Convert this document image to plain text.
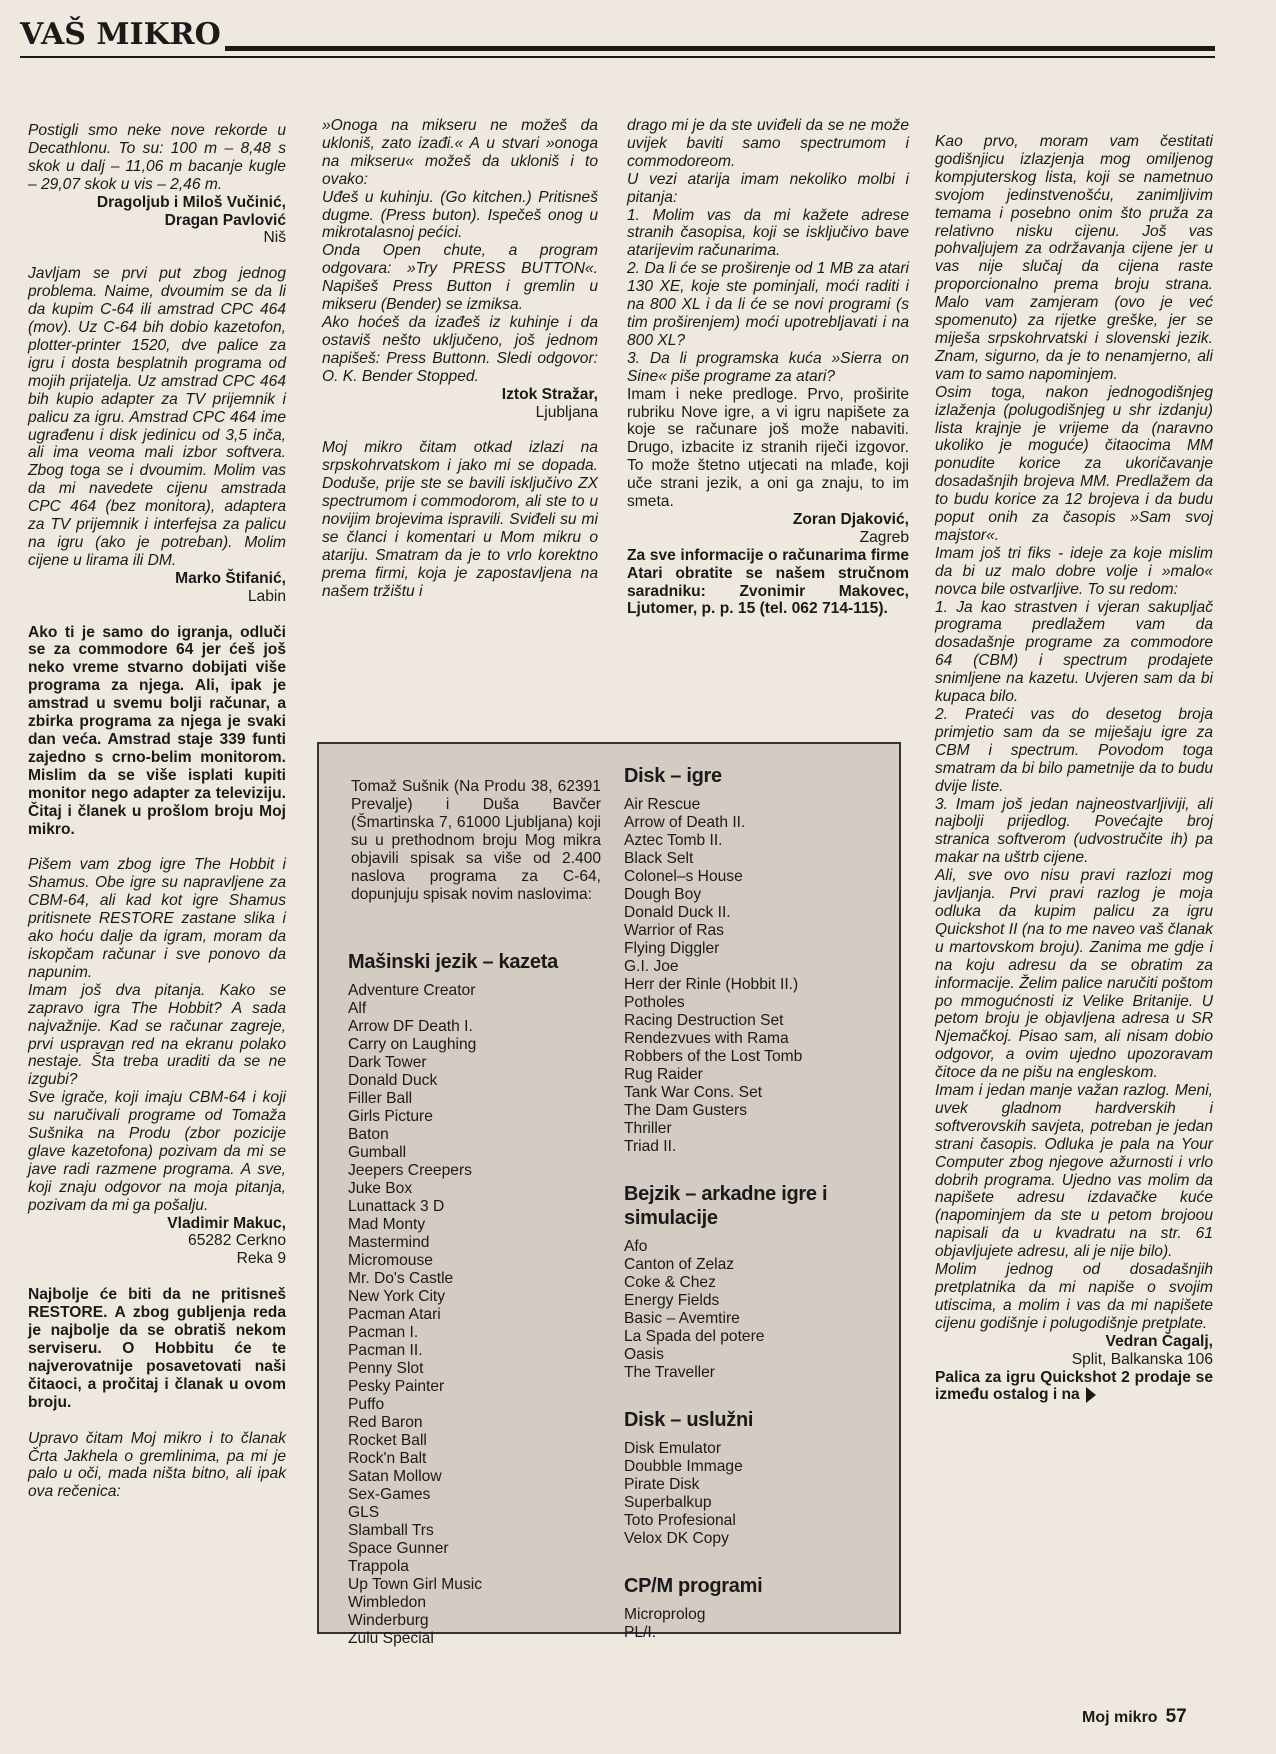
VAŠ MIKRO

Postigli smo neke nove rekorde u Decathlonu. To su: 100 m – 8,48 s skok u dalj – 11,06 m bacanje kugle – 29,07 skok u vis – 2,46 m.

Dragoljub i Miloš Vučinić,
Dragan Pavlović
Niš

Javljam se prvi put zbog jednog problema. Naime, dvoumim se da li da kupim C-64 ili amstrad CPC 464 (mov). Uz C-64 bih dobio kazetofon, plotter-printer 1520, dve palice za igru i dosta besplatnih programa od mojih prijatelja. Uz amstrad CPC 464 bih kupio adapter za TV prijemnik i palicu za igru. Amstrad CPC 464 ime ugrađenu i disk jedinicu od 3,5 inča, ali ima veoma mali izbor softvera. Zbog toga se i dvoumim. Molim vas da mi navedete cijenu amstrada CPC 464 (bez monitora), adaptera za TV prijemnik i interfejsa za palicu na igru (ako je potreban). Molim cijene u lirama ili DM.

Marko Štifanić,
Labin

Ako ti je samo do igranja, odluči se za commodore 64 jer ćeš još neko vreme stvarno dobijati više programa za njega. Ali, ipak je amstrad u svemu bolji računar, a zbirka programa za njega je svaki dan veća. Amstrad staje 339 funti zajedno s crno-belim monitorom. Mislim da se više isplati kupiti monitor nego adapter za televiziju. Čitaj i članek u prošlom broju Moj mikro.

Pišem vam zbog igre The Hobbit i Shamus. Obe igre su napravljene za CBM-64, ali kad kot igre Shamus pritisnete RESTORE zastane slika i ako hoću dalje da igram, moram da iskopčam računar i sve ponovo da napunim.

Imam još dva pitanja. Kako se zapravo igra The Hobbit? A sada najvažnije. Kad se računar zagreje, prvi usprava̲n red na ekranu polako nestaje. Šta treba uraditi da se ne izgubi?

Sve igrače, koji imaju CBM-64 i koji su naručivali programe od Tomaža Sušnika na Produ (zbor pozicije glave kazetofona) pozivam da mi se jave radi razmene programa. A sve, koji znaju odgovor na moja pitanja, pozivam da mi ga pošalju.

Vladimir Makuc,
65282 Cerkno
Reka 9

Najbolje će biti da ne pritisneš RESTORE. A zbog gubljenja reda je najbolje da se obratiš nekom serviseru. O Hobbitu će te najverovatnije posavetovati naši čitaoci, a pročitaj i članak u ovom broju.

Upravo čitam Moj mikro i to članak Črta Jakhela o gremlinima, pa mi je palo u oči, mada ništa bitno, ali ipak ova rečenica:

»Onoga na mikseru ne možeš da ukloniš, zato izađi.« A u stvari »onoga na mikseru« možeš da ukloniš i to ovako:

Uđeš u kuhinju. (Go kitchen.) Pritisneš dugme. (Press buton). Ispečeš onog u mikrotalasnoj pećici.

Onda Open chute, a program odgovara: »Try PRESS BUTTON«. Napišeš Press Button i gremlin u mikseru (Bender) se izmiksa.

Ako hoćeš da izađeš iz kuhinje i da ostaviš nešto uključeno, još jednom napišeš: Press Buttonn. Sledi odgovor: O. K. Bender Stopped.

Iztok Stražar,
Ljubljana

Moj mikro čitam otkad izlazi na srpskohrvatskom i jako mi se dopada. Doduše, prije ste se bavili isključivo ZX spectrumom i commodorom, ali ste to u novijim brojevima ispravili. Sviđeli su mi se članci i komentari u Mom mikru o atariju. Smatram da je to vrlo korektno prema firmi, koja je zapostavljena na našem tržištu i

drago mi je da ste uviđeli da se ne može uvijek baviti samo spectrumom i commodoreom.

U vezi atarija imam nekoliko molbi i pitanja:

1. Molim vas da mi kažete adrese stranih časopisa, koji se isključivo bave atarijevim računarima.

2. Da li će se proširenje od 1 MB za atari 130 XE, koje ste pominjali, moći raditi i na 800 XL i da li će se novi programi (s tim proširenjem) moći upotrebljavati i na 800 XL?

3. Da li programska kuća »Sierra on Sine« piše programe za atari?

Imam i neke predloge. Prvo, proširite rubriku Nove igre, a vi igru napišete za koje se računare još može nabaviti. Drugo, izbacite iz stranih riječi izgovor. To može štetno utjecati na mlađe, koji uče strani jezik, a oni ga znaju, to im smeta.

Zoran Djaković,
Zagreb

Za sve informacije o računarima firme Atari obratite se našem stručnom saradniku: Zvonimir Makovec, Ljutomer, p. p. 15 (tel. 062 714-115).

Tomaž Sušnik (Na Produ 38, 62391 Prevalje) i Duša Bavčer (Šmartinska 7, 61000 Ljubljana) koji su u prethodnom broju Mog mikra objavili spisak sa više od 2.400 naslova programa za C-64, dopunjuju spisak novim naslovima:

Mašinski jezik – kazeta
Adventure Creator
Alf
Arrow DF Death I.
Carry on Laughing
Dark Tower
Donald Duck
Filler Ball
Girls Picture
Baton
Gumball
Jeepers Creepers
Juke Box
Lunattack 3 D
Mad Monty
Mastermind
Micromouse
Mr. Do's Castle
New York City
Pacman Atari
Pacman I.
Pacman II.
Penny Slot
Pesky Painter
Puffo
Red Baron
Rocket Ball
Rock'n Balt
Satan Mollow
Sex-Games
GLS
Slamball Trs
Space Gunner
Trappola
Up Town Girl Music
Wimbledon
Winderburg
Zulu Special
Disk – igre
Air Rescue
Arrow of Death II.
Aztec Tomb II.
Black Selt
Colonel–s House
Dough Boy
Donald Duck II.
Warrior of Ras
Flying Diggler
G.I. Joe
Herr der Rinle (Hobbit II.)
Potholes
Racing Destruction Set
Rendezvues with Rama
Robbers of the Lost Tomb
Rug Raider
Tank War Cons. Set
The Dam Gusters
Thriller
Triad II.
Bejzik – arkadne igre i simulacije
Afo
Canton of Zelaz
Coke & Chez
Energy Fields
Basic – Avemtire
La Spada del potere
Oasis
The Traveller
Disk – uslužni
Disk Emulator
Doubble Immage
Pirate Disk
Superbalkup
Toto Profesional
Velox DK Copy
CP/M programi
Microprolog
PL/I.

Kao prvo, moram vam čestitati godišnjicu izlazjenja mog omiljenog kompjuterskog lista, koji se nametnuo svojom jedinstvenošću, zanimljivim temama i posebno onim što pruža za relativno nisku cijenu. Još vas pohvaljujem za održavanja cijene jer u vas nije slučaj da cijena raste proporcionalno prema broju strana. Malo vam zamjeram (ovo je već spomenuto) za rijetke greške, jer se miješa srpskohrvatski i slovenski jezik. Znam, sigurno, da je to nenamjerno, ali vam to samo napominjem.

Osim toga, nakon jednogodišnjeg izlaženja (polugodišnjeg u shr izdanju) lista krajnje je vrijeme da (naravno ukoliko je moguće) čitaocima MM ponudite korice za ukoričavanje dosadašnjih brojeva MM. Predlažem da to budu korice za 12 brojeva i da budu poput onih za časopis »Sam svoj majstor«.

Imam još tri fiks - ideje za koje mislim da bi uz malo dobre volje i »malo« novca bile ostvarljive. To su redom:

1. Ja kao strastven i vjeran sakupljač programa predlažem vam da dosadašnje programe za commodore 64 (CBM) i spectrum prodajete snimljene na kazetu. Uvjeren sam da bi kupaca bilo.

2. Prateći vas do desetog broja primjetio sam da se miješaju igre za CBM i spectrum. Povodom toga smatram da bi bilo pametnije da to budu dvije liste.

3. Imam još jedan najneostvarljiviji, ali najbolji prijedlog. Povećajte broj stranica softverom (udvostručite ih) pa makar na uštrb cijene.

Ali, sve ovo nisu pravi razlozi mog javljanja. Prvi pravi razlog je moja odluka da kupim palicu za igru Quickshot II (na to me naveo vaš članak u martovskom broju). Zanima me gdje i na koju adresu da se obratim za informacije. Želim palice naručiti poštom po mmogućnosti iz Velike Britanije. U petom broju je objavljena adresa u SR Njemačkoj. Pisao sam, ali nisam dobio odgovor, a ovim ujedno upozoravam čitoce da ne pišu na engleskom.

Imam i jedan manje važan razlog. Meni, uvek gladnom hardverskih i softverovskih savjeta, potreban je jedan strani časopis. Odluka je pala na Your Computer zbog njegove ažurnosti i vrlo dobrih programa. Ujedno vas molim da napišete adresu izdavačke kuće (napominjem da ste u petom brojoou napisali da u kvadratu na str. 61 objavljujete adresu, ali je nije bilo).

Molim jednog od dosadašnjih pretplatnika da mi napiše o svojim utiscima, a molim i vas da mi napišete cijenu godišnje i polugodišnje pretplate.

Vedran Čagalj,
Split, Balkanska 106

Palica za igru Quickshot 2 prodaje se između ostalog i na

Moj mikro 57
